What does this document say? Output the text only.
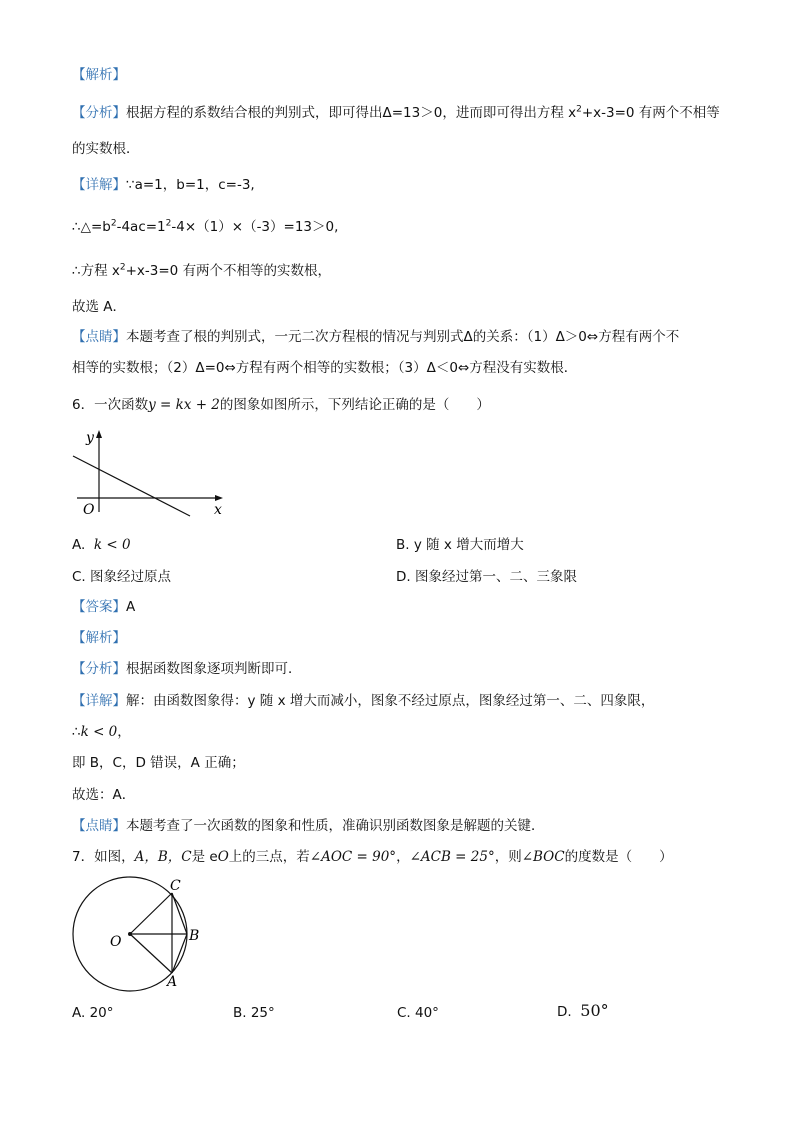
【解析】
【分析】根据方程的系数结合根的判别式，即可得出Δ=13＞0，进而即可得出方程 $x^2+x-3=0$ 有两个不相等
的实数根．
【详解】∵a=1，b=1，c=-3,
$\therefore\triangle=b^2-4ac=1^2-4\times(1)\times(-3)=13>0$,
∴方程 $x^2+x-3=0$ 有两个不相等的实数根，
故选 A．
【点睛】本题考查了根的判别式，一元二次方程根的情况与判别式Δ的关系：（1）Δ＞0⇔方程有两个不
相等的实数根；（2）Δ=0⇔方程有两个相等的实数根；（3）Δ＜0⇔方程没有实数根．
6．一次函数y = kx + 2的图象如图所示，下列结论正确的是（　　）
y
x
O
A. k < 0	B. y 随 x 增大而增大
C. 图象经过原点	D. 图象经过第一、二、三象限
【答案】A
【解析】
【分析】根据函数图象逐项判断即可．
【详解】解：由函数图象得：y 随 x 增大而减小，图象不经过原点，图象经过第一、二、四象限，
∴k < 0，
即 B，C，D 错误，A 正确；
故选：A．
【点睛】本题考查了一次函数的图象和性质，准确识别函数图象是解题的关键．
7．如图，A，B，C是 eO上的三点，若∠AOC = 90°，∠ACB = 25°，则∠BOC的度数是（　　）
C
B
O
A
A. 20°	B. 25°	C. 40°	D. 50°
